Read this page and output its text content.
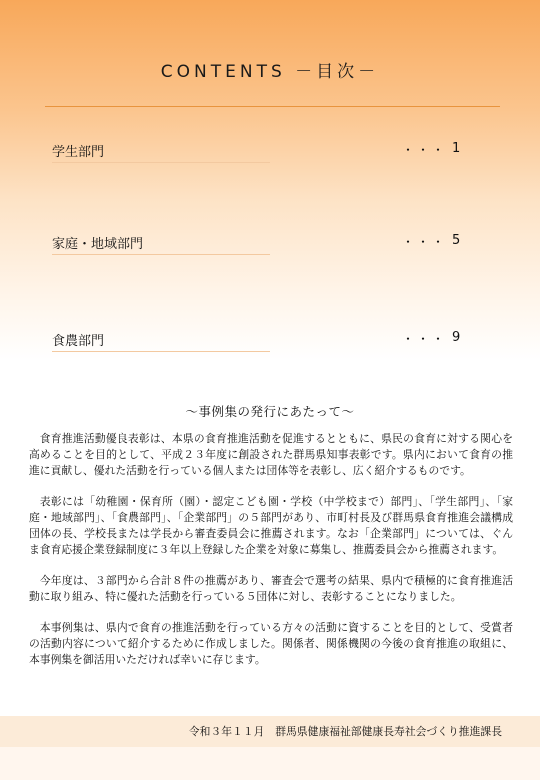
CONTENTS －目次－
学生部門	・・・ 1
家庭・地域部門	・・・ 5
食農部門	・・・ 9
～事例集の発行にあたって～

食育推進活動優良表彰は、本県の食育推進活動を促進するとともに、県民の食育に対する関心を高めることを目的として、平成２３年度に創設された群馬県知事表彰です。県内において食育の推進に貢献し、優れた活動を行っている個人または団体等を表彰し、広く紹介するものです。

表彰には「幼稚園・保育所（園）・認定こども園・学校（中学校まで）部門」、「学生部門」、「家庭・地域部門」、「食農部門」、「企業部門」の５部門があり、市町村長及び群馬県食育推進会議構成団体の長、学校長または学長から審査委員会に推薦されます。なお「企業部門」については、ぐんま食育応援企業登録制度に３年以上登録した企業を対象に募集し、推薦委員会から推薦されます。

今年度は、３部門から合計８件の推薦があり、審査会で選考の結果、県内で積極的に食育推進活動に取り組み、特に優れた活動を行っている５団体に対し、表彰することになりました。

本事例集は、県内で食育の推進活動を行っている方々の活動に資することを目的として、受賞者の活動内容について紹介するために作成しました。関係者、関係機関の今後の食育推進の取組に、本事例集を御活用いただければ幸いに存じます。

令和３年１１月　群馬県健康福祉部健康長寿社会づくり推進課長
